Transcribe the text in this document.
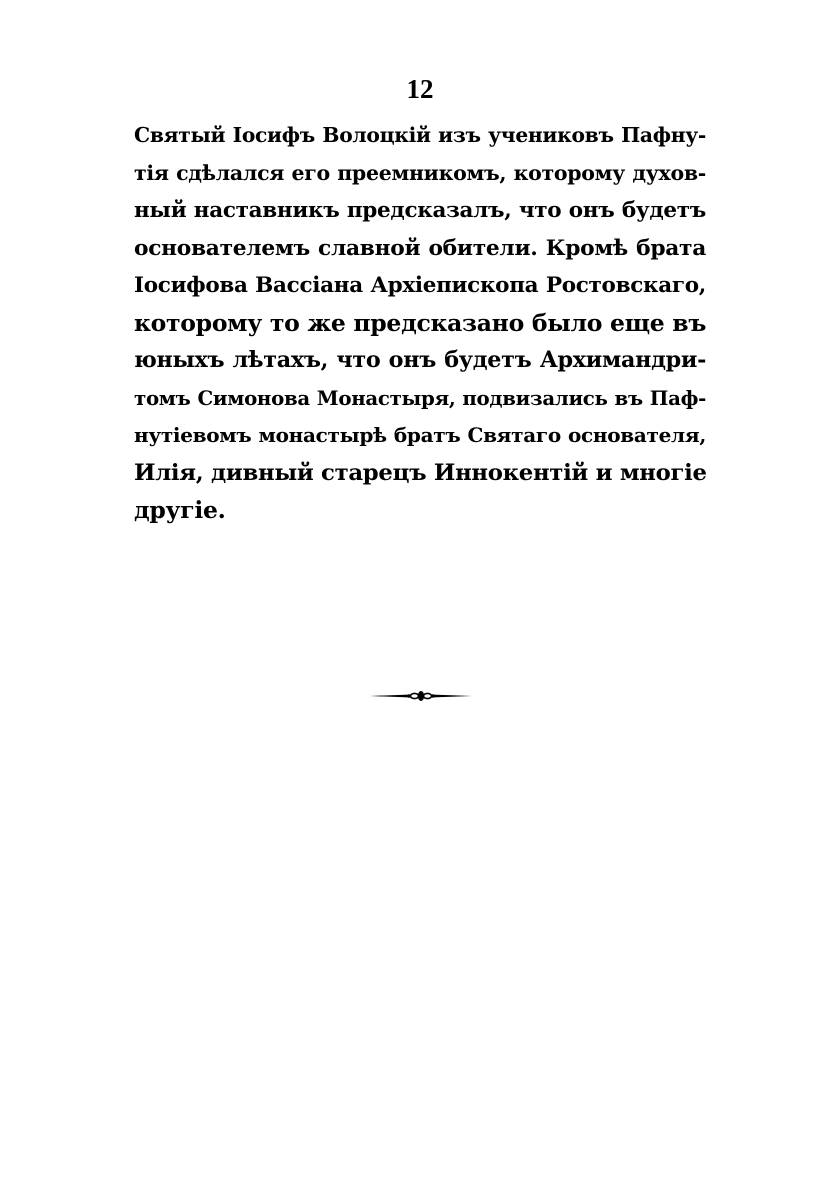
12
Святый Іосифъ Волоцкій изъ учениковъ Пафну-
тія сдѣлался его преемникомъ, которому духов-
ный наставникъ предсказалъ, что онъ будетъ
основателемъ славной обители. Кромѣ брата
Іосифова Вассіана Архіепископа Ростовскаго,
которому то же предсказано было еще въ
юныхъ лѣтахъ, что онъ будетъ Архимандри-
томъ Симонова Монастыря, подвизались въ Паф-
нутіевомъ монастырѣ братъ Святаго основателя,
Илія, дивный старецъ Иннокентій и многіе
другіе.
